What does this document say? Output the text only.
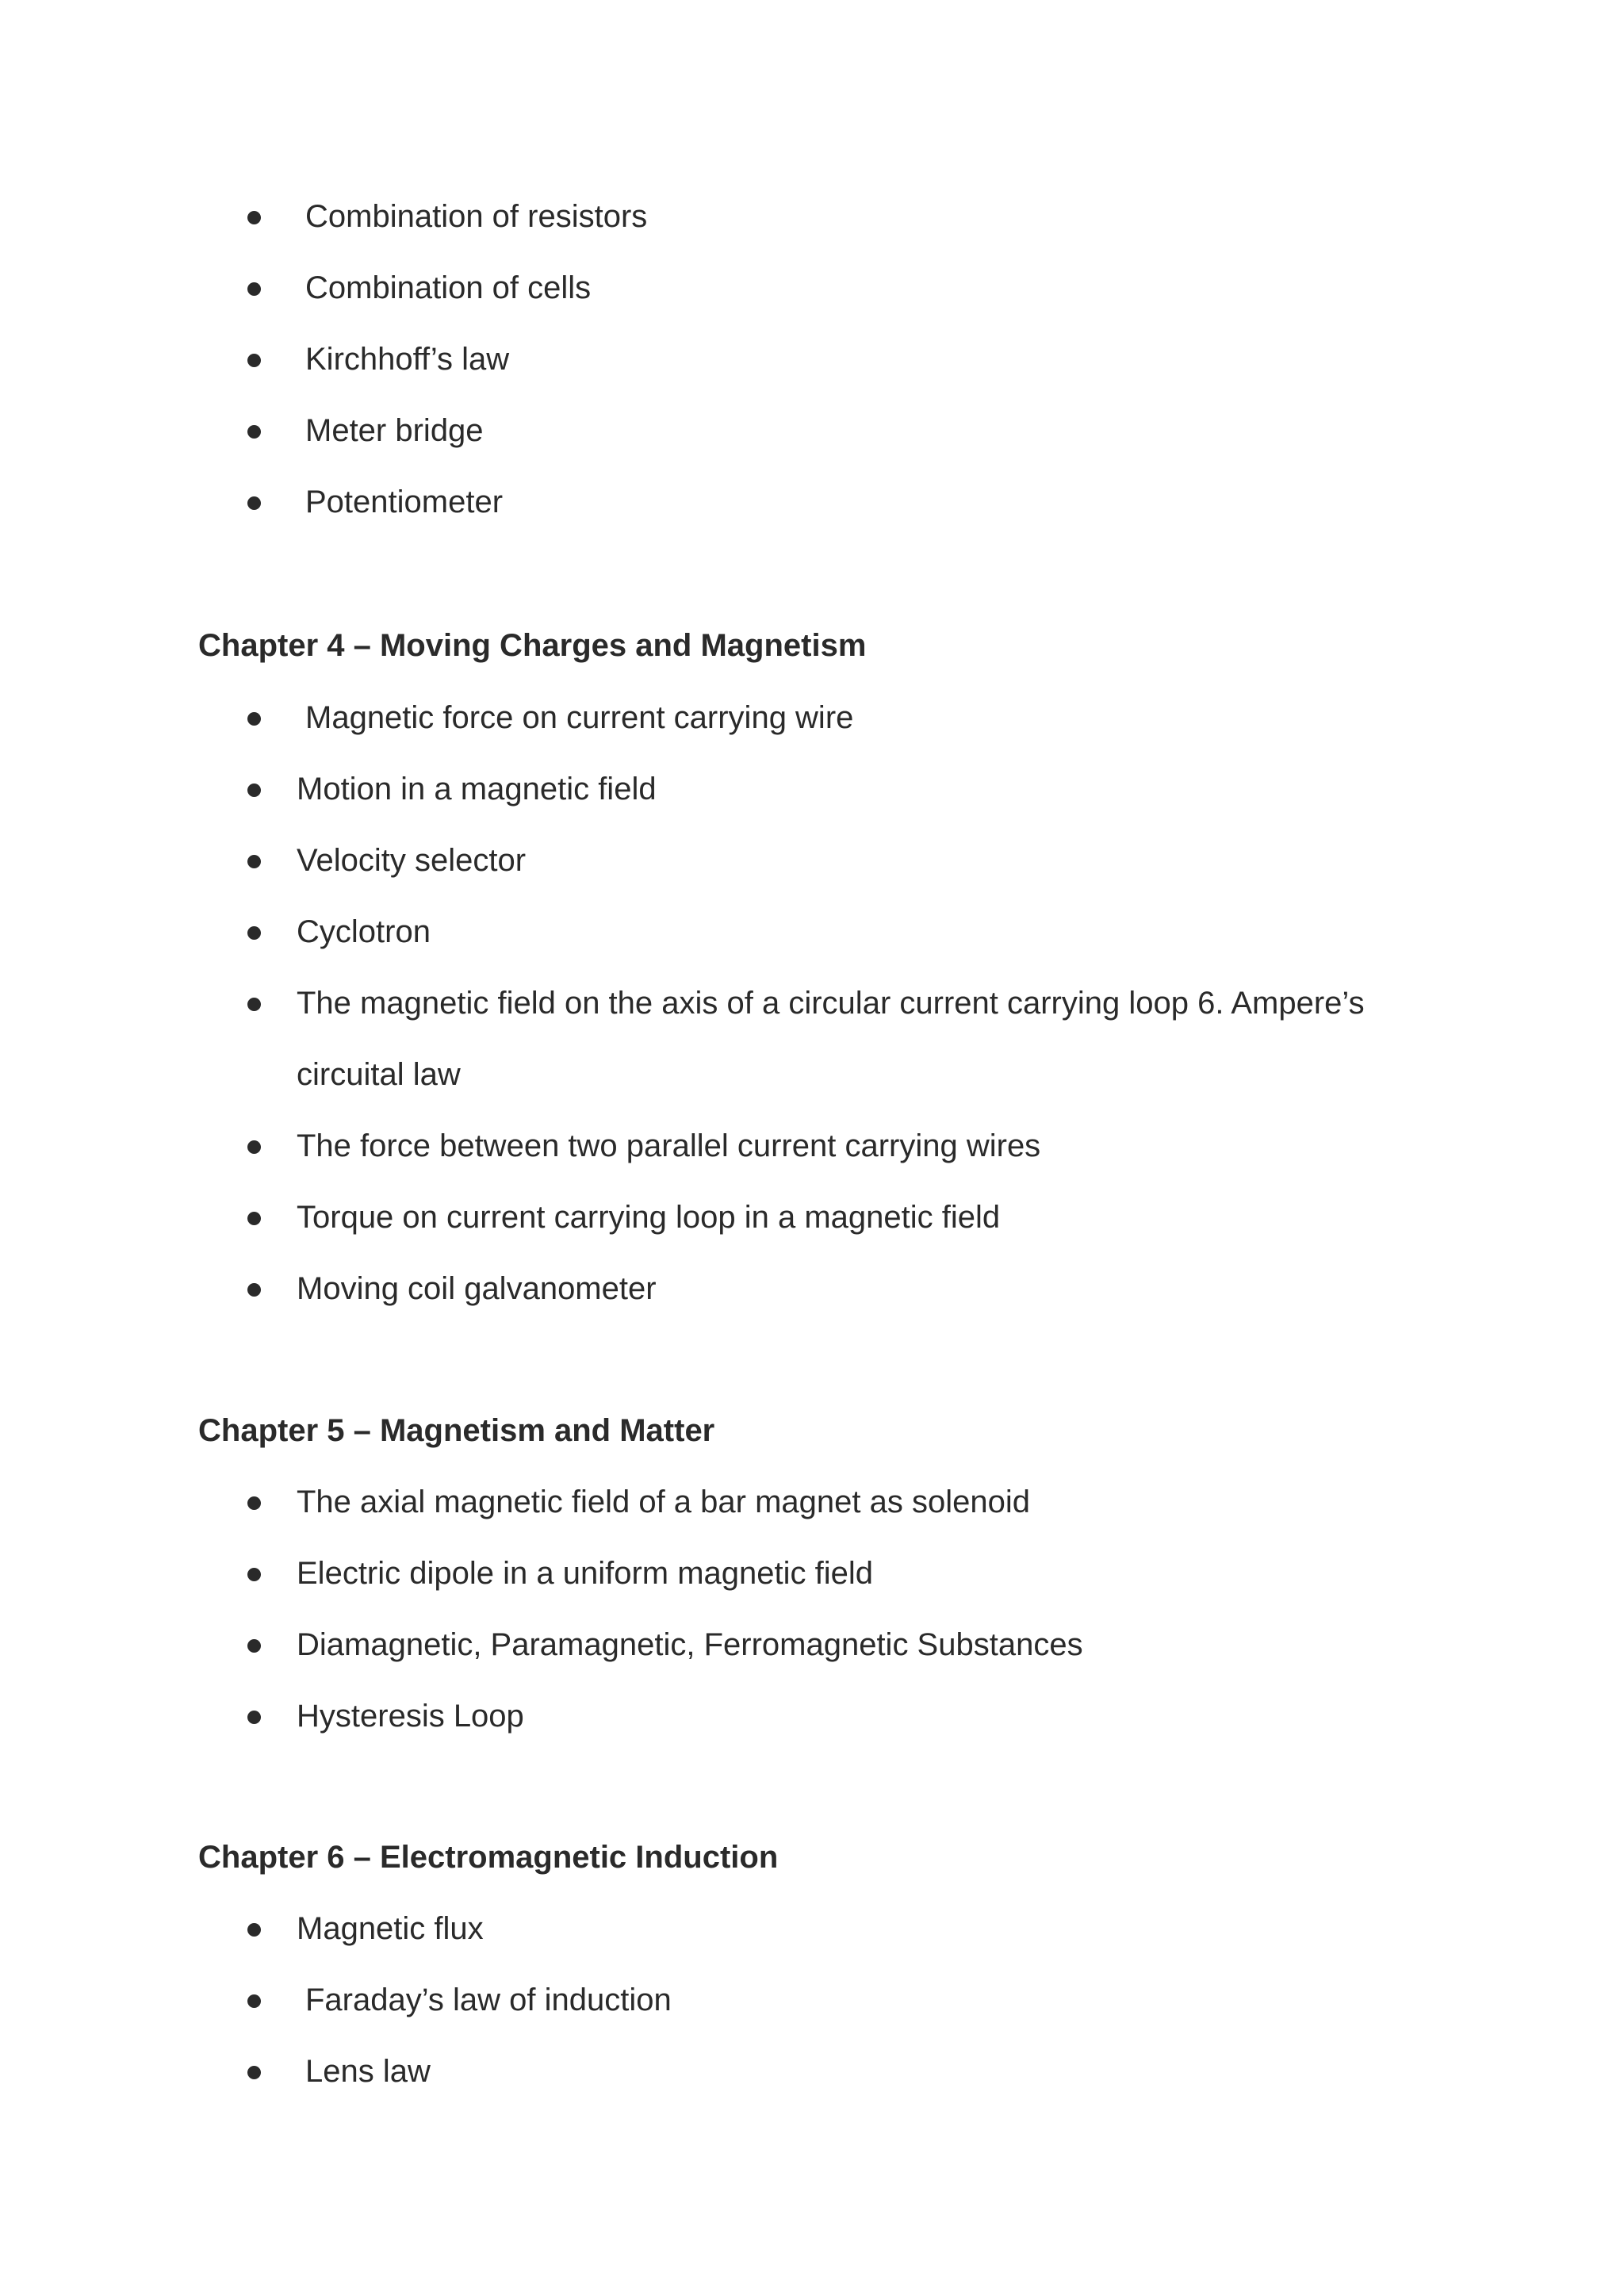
Combination of resistors
Combination of cells
Kirchhoff’s law
Meter bridge
Potentiometer
Chapter 4 – Moving Charges and Magnetism
Magnetic force on current carrying wire
Motion in a magnetic field
Velocity selector
Cyclotron
The magnetic field on the axis of a circular current carrying loop 6. Ampere’s circuital law
The force between two parallel current carrying wires
Torque on current carrying loop in a magnetic field
Moving coil galvanometer
Chapter 5 – Magnetism and Matter
The axial magnetic field of a bar magnet as solenoid
Electric dipole in a uniform magnetic field
Diamagnetic, Paramagnetic, Ferromagnetic Substances
Hysteresis Loop
Chapter 6 – Electromagnetic Induction
Magnetic flux
Faraday’s law of induction
Lens law
